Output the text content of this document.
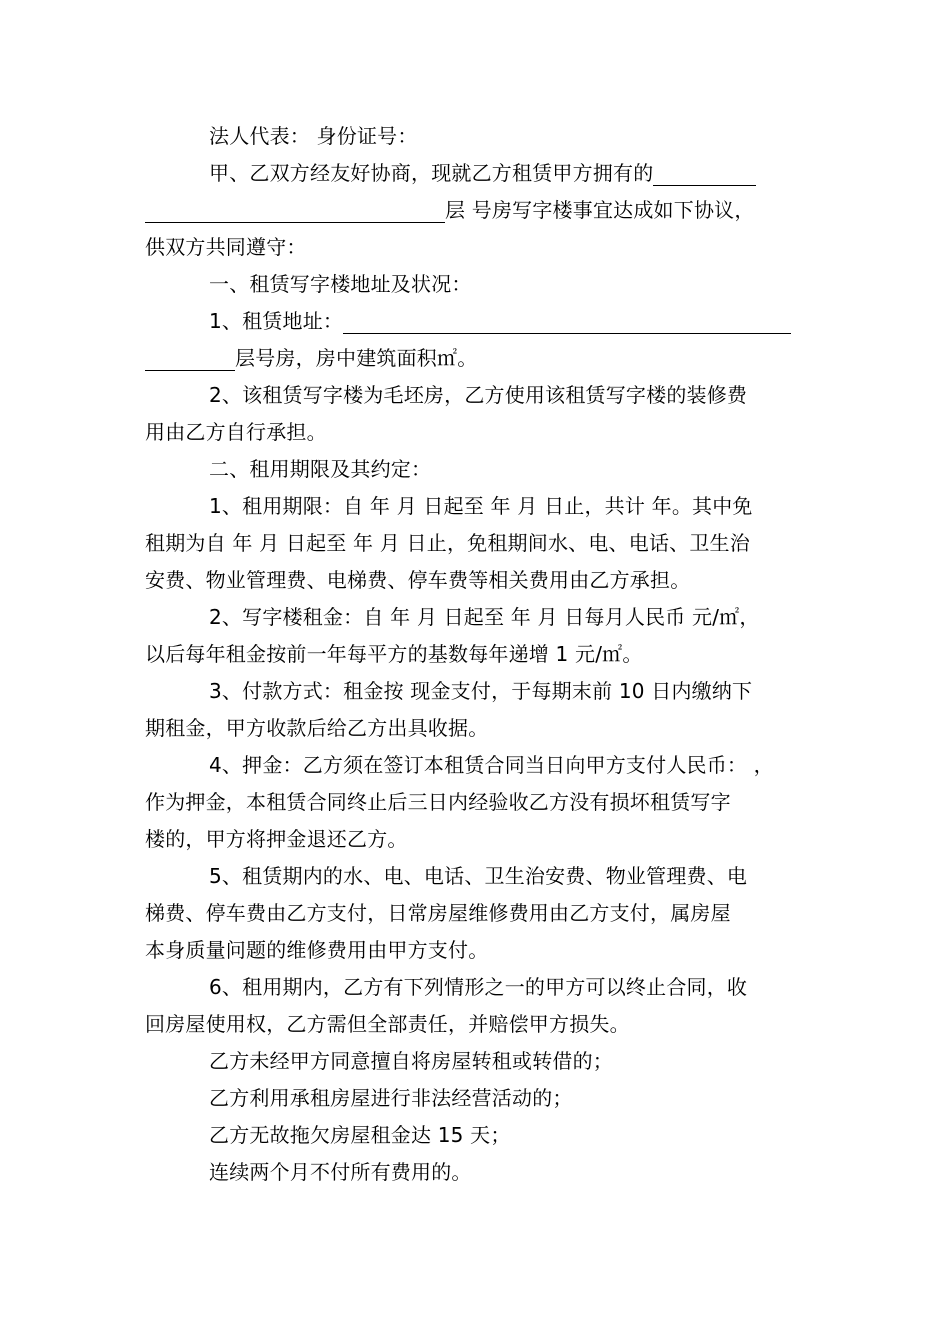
法人代表： 身份证号：
甲、乙双方经友好协商，现就乙方租赁甲方拥有的
层 号房写字楼事宜达成如下协议，
供双方共同遵守：
一、租赁写字楼地址及状况：
1、租赁地址：
层号房，房中建筑面积㎡。
2、该租赁写字楼为毛坯房，乙方使用该租赁写字楼的装修费
用由乙方自行承担。
二、租用期限及其约定：
1、租用期限：自 年 月 日起至 年 月 日止，共计 年。其中免
租期为自 年 月 日起至 年 月 日止，免租期间水、电、电话、卫生治
安费、物业管理费、电梯费、停车费等相关费用由乙方承担。
2、写字楼租金：自 年 月 日起至 年 月 日每月人民币 元/㎡，
以后每年租金按前一年每平方的基数每年递增 1 元/㎡。
3、付款方式：租金按 现金支付，于每期末前 10 日内缴纳下
期租金，甲方收款后给乙方出具收据。
4、押金：乙方须在签订本租赁合同当日向甲方支付人民币： ，
作为押金，本租赁合同终止后三日内经验收乙方没有损坏租赁写字
楼的，甲方将押金退还乙方。
5、租赁期内的水、电、电话、卫生治安费、物业管理费、电
梯费、停车费由乙方支付，日常房屋维修费用由乙方支付，属房屋
本身质量问题的维修费用由甲方支付。
6、租用期内，乙方有下列情形之一的甲方可以终止合同，收
回房屋使用权，乙方需但全部责任，并赔偿甲方损失。
乙方未经甲方同意擅自将房屋转租或转借的；
乙方利用承租房屋进行非法经营活动的；
乙方无故拖欠房屋租金达 15 天；
连续两个月不付所有费用的。
